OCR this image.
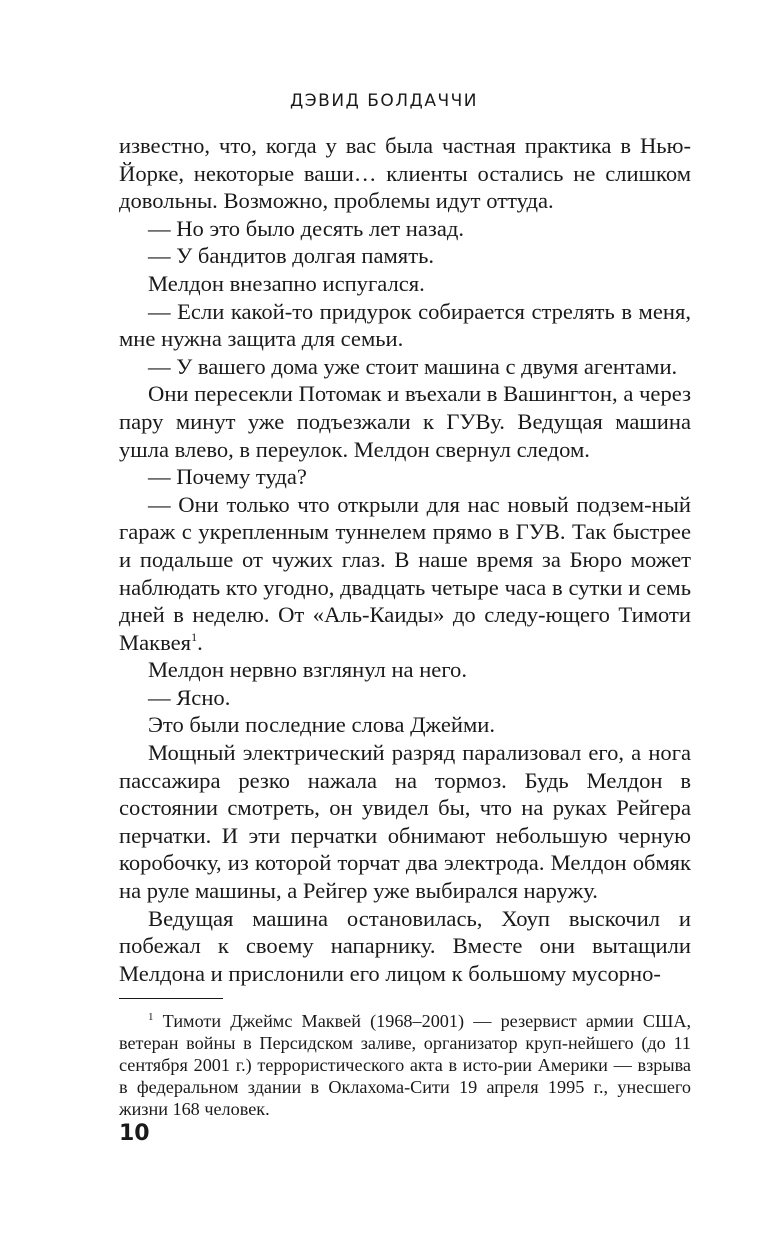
ДЭВИД БОЛДАЧЧИ

известно, что, когда у вас была частная практика в Нью-Йорке, некоторые ваши… клиенты остались не слишком довольны. Возможно, проблемы идут оттуда.

— Но это было десять лет назад.

— У бандитов долгая память.

Мелдон внезапно испугался.

— Если какой-то придурок собирается стрелять в меня, мне нужна защита для семьи.

— У вашего дома уже стоит машина с двумя агентами.

Они пересекли Потомак и въехали в Вашингтон, а через пару минут уже подъезжали к ГУВу. Ведущая машина ушла влево, в переулок. Мелдон свернул следом.

— Почему туда?

— Они только что открыли для нас новый подзем-ный гараж с укрепленным туннелем прямо в ГУВ. Так быстрее и подальше от чужих глаз. В наше время за Бюро может наблюдать кто угодно, двадцать четыре часа в сутки и семь дней в неделю. От «Аль-Каиды» до следу-ющего Тимоти Маквея$^1$.

Мелдон нервно взглянул на него.

— Ясно.

Это были последние слова Джейми.

Мощный электрический разряд парализовал его, а нога пассажира резко нажала на тормоз. Будь Мелдон в состоянии смотреть, он увидел бы, что на руках Рейгера перчатки. И эти перчатки обнимают небольшую черную коробочку, из которой торчат два электрода. Мелдон обмяк на руле машины, а Рейгер уже выбирался наружу.

Ведущая машина остановилась, Хоуп выскочил и побежал к своему напарнику. Вместе они вытащили Мелдона и прислонили его лицом к большому мусорно-

$^1$ Тимоти Джеймс Маквей (1968–2001) — резервист армии США, ветеран войны в Персидском заливе, организатор круп-нейшего (до 11 сентября 2001 г.) террористического акта в исто-рии Америки — взрыва в федеральном здании в Оклахома-Сити 19 апреля 1995 г., унесшего жизни 168 человек.

10
